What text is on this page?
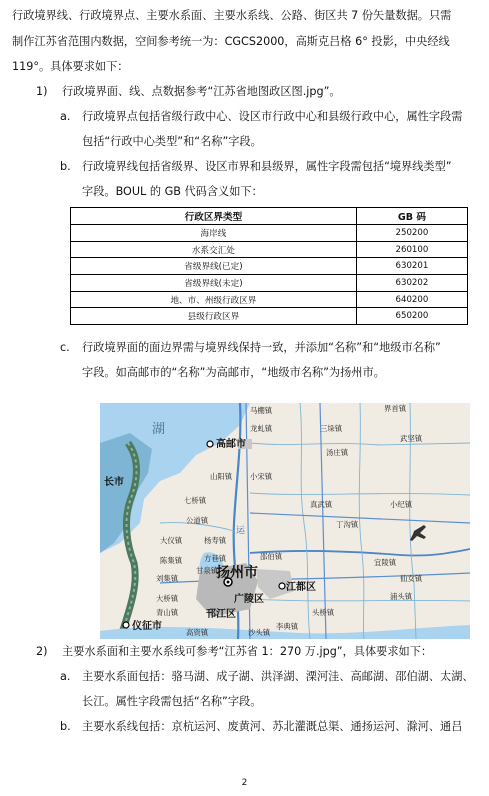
行政境界线、行政境界点、主要水系面、主要水系线、公路、街区共 7 份矢量数据。只需
制作江苏省范围内数据，空间参考统一为：CGCS2000，高斯克吕格 6° 投影，中央经线
119°。具体要求如下：
1) 行政境界面、线、点数据参考“江苏省地图政区图.jpg”。
a. 行政境界点包括省级行政中心、设区市行政中心和县级行政中心，属性字段需
包括“行政中心类型”和“名称”字段。
b. 行政境界线包括省级界、设区市界和县级界，属性字段需包括“境界线类型”
字段。BOUL 的 GB 代码含义如下：
行政区界类型	GB 码
海岸线	250200
水系交汇处	260100
省级界线(已定)	630201
省级界线(未定)	630202
地、市、州级行政区界	640200
县级行政区界	650200
c. 行政境界面的面边界需与境界线保持一致，并添加“名称”和“地级市名称”
字段。如高邮市的“名称”为高邮市，“地级市名称”为扬州市。
马棚镇
龙虬镇	三垛镇
界首镇
汤庄镇
武坚镇
山阳镇 小宋镇
七桥镇	真武镇	小纪镇
丁沟镇
公道镇
大仪镇	杨寿镇
方巷镇	邵伯镇
陈集镇
甘泉镇
刘集镇
宜陵镇
仙女镇
浦头镇
大桥镇
青山镇	头桥镇
李典镇
沙头镇
高资镇
高邮市
长市
江都区
广陵区
邗江区
仪征市
扬州市
湖
运
2) 主要水系面和主要水系线可参考“江苏省 1：270 万.jpg”，具体要求如下：
a. 主要水系面包括：骆马湖、成子湖、洪泽湖、溧河洼、高邮湖、邵伯湖、太湖、
长江。属性字段需包括“名称”字段。
b. 主要水系线包括：京杭运河、废黄河、苏北灌溉总渠、通扬运河、滁河、通吕
2
